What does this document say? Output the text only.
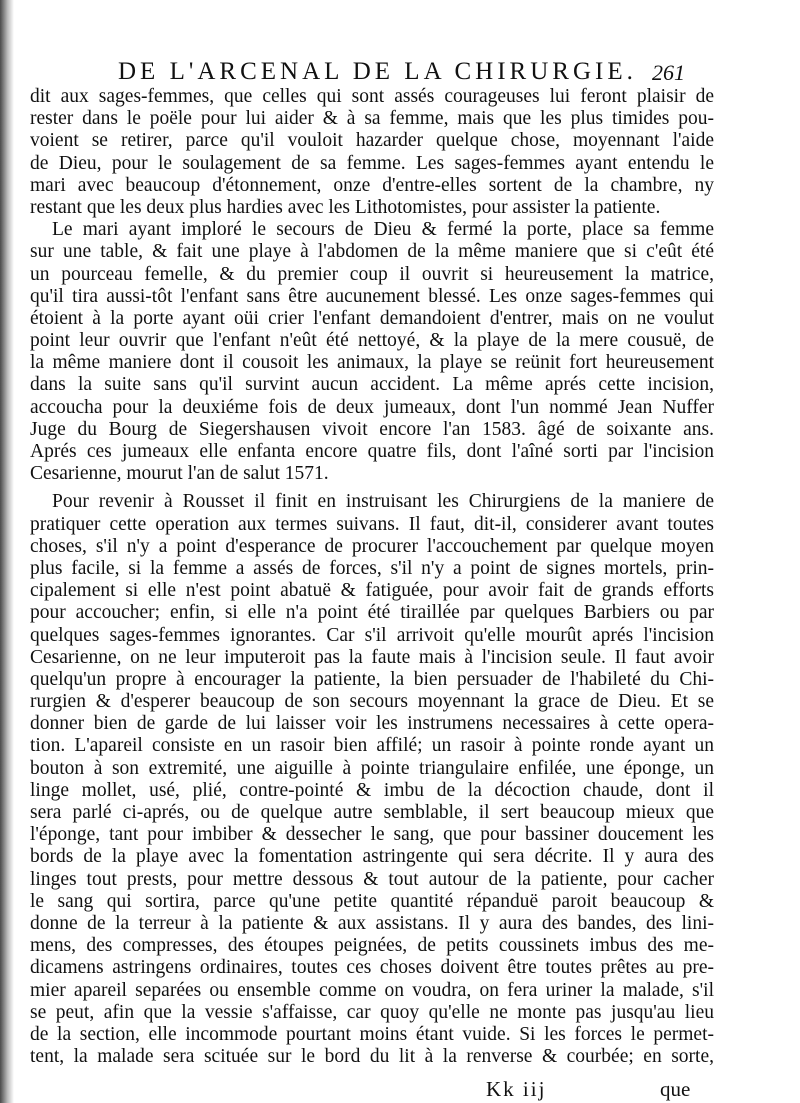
DE L'ARCENAL DE LA CHIRURGIE. 261
dit aux sages-femmes, que celles qui sont assés courageuses lui feront plaisir de
rester dans le poële pour lui aider & à sa femme, mais que les plus timides pou-
voient se retirer, parce qu'il vouloit hazarder quelque chose, moyennant l'aide
de Dieu, pour le soulagement de sa femme. Les sages-femmes ayant entendu le
mari avec beaucoup d'étonnement, onze d'entre-elles sortent de la chambre, ny
restant que les deux plus hardies avec les Lithotomistes, pour assister la patiente.
Le mari ayant imploré le secours de Dieu & fermé la porte, place sa femme
sur une table, & fait une playe à l'abdomen de la même maniere que si c'eût été
un pourceau femelle, & du premier coup il ouvrit si heureusement la matrice,
qu'il tira aussi-tôt l'enfant sans être aucunement blessé. Les onze sages-femmes qui
étoient à la porte ayant oüi crier l'enfant demandoient d'entrer, mais on ne voulut
point leur ouvrir que l'enfant n'eût été nettoyé, & la playe de la mere cousuë, de
la même maniere dont il cousoit les animaux, la playe se reünit fort heureusement
dans la suite sans qu'il survint aucun accident. La même aprés cette incision,
accoucha pour la deuxiéme fois de deux jumeaux, dont l'un nommé Jean Nuffer
Juge du Bourg de Siegershausen vivoit encore l'an 1583. âgé de soixante ans.
Aprés ces jumeaux elle enfanta encore quatre fils, dont l'aîné sorti par l'incision
Cesarienne, mourut l'an de salut 1571.
Pour revenir à Rousset il finit en instruisant les Chirurgiens de la maniere de
pratiquer cette operation aux termes suivans. Il faut, dit-il, considerer avant toutes
choses, s'il n'y a point d'esperance de procurer l'accouchement par quelque moyen
plus facile, si la femme a assés de forces, s'il n'y a point de signes mortels, prin-
cipalement si elle n'est point abatuë & fatiguée, pour avoir fait de grands efforts
pour accoucher; enfin, si elle n'a point été tiraillée par quelques Barbiers ou par
quelques sages-femmes ignorantes. Car s'il arrivoit qu'elle mourût aprés l'incision
Cesarienne, on ne leur imputeroit pas la faute mais à l'incision seule. Il faut avoir
quelqu'un propre à encourager la patiente, la bien persuader de l'habileté du Chi-
rurgien & d'esperer beaucoup de son secours moyennant la grace de Dieu. Et se
donner bien de garde de lui laisser voir les instrumens necessaires à cette opera-
tion. L'apareil consiste en un rasoir bien affilé; un rasoir à pointe ronde ayant un
bouton à son extremité, une aiguille à pointe triangulaire enfilée, une éponge, un
linge mollet, usé, plié, contre-pointé & imbu de la décoction chaude, dont il
sera parlé ci-aprés, ou de quelque autre semblable, il sert beaucoup mieux que
l'éponge, tant pour imbiber & dessecher le sang, que pour bassiner doucement les
bords de la playe avec la fomentation astringente qui sera décrite. Il y aura des
linges tout prests, pour mettre dessous & tout autour de la patiente, pour cacher
le sang qui sortira, parce qu'une petite quantité répanduë paroit beaucoup &
donne de la terreur à la patiente & aux assistans. Il y aura des bandes, des lini-
mens, des compresses, des étoupes peignées, de petits coussinets imbus des me-
dicamens astringens ordinaires, toutes ces choses doivent être toutes prêtes au pre-
mier apareil separées ou ensemble comme on voudra, on fera uriner la malade, s'il
se peut, afin que la vessie s'affaisse, car quoy qu'elle ne monte pas jusqu'au lieu
de la section, elle incommode pourtant moins étant vuide. Si les forces le permet-
tent, la malade sera scituée sur le bord du lit à la renverse & courbée; en sorte,
Kk iij	que
